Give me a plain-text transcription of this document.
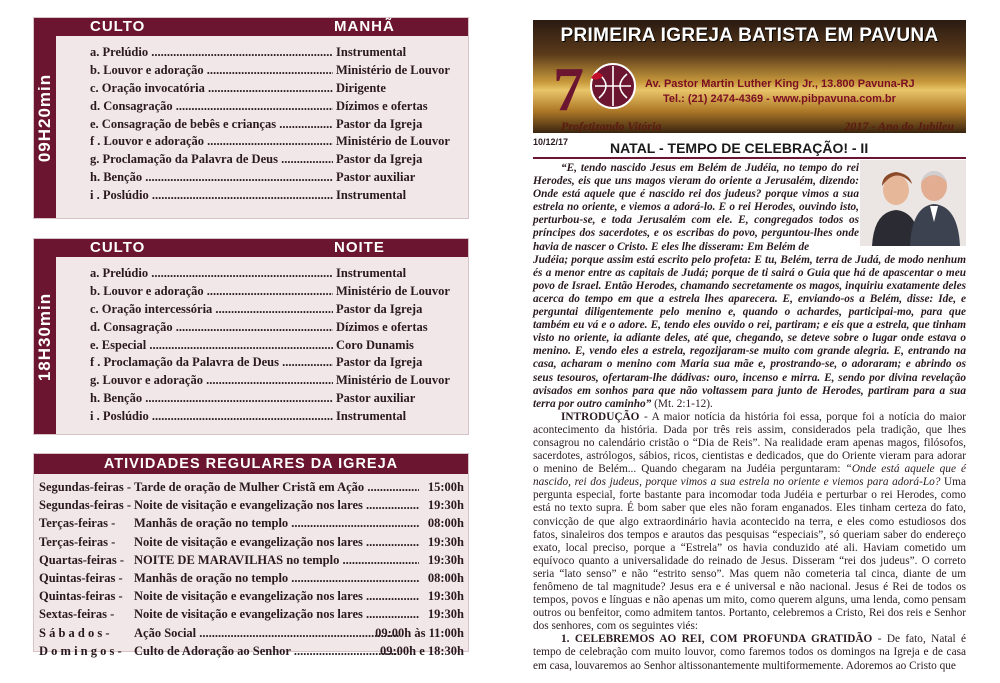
09H20min
CULTO	MANHÃ
a. Prelúdio .....	Instrumental
b. Louvor e adoração .....	Ministério de Louvor
c. Oração invocatória .....	Dirigente
d. Consagração .....	Dízimos e ofertas
e. Consagração de bebês e crianças .....	Pastor da Igreja
f . Louvor e adoração .....	Ministério de Louvor
g. Proclamação da Palavra de Deus .....	Pastor da Igreja
h. Benção .....	Pastor auxiliar
i . Poslúdio .....	Instrumental
18H30min
CULTO	NOITE
a. Prelúdio .....	Instrumental
b. Louvor e adoração .....	Ministério de Louvor
c. Oração intercessória .....	Pastor da Igreja
d. Consagração .....	Dízimos e ofertas
e. Especial .....	Coro Dunamis
f . Proclamação da Palavra de Deus .....	Pastor da Igreja
g. Louvor e adoração .....	Ministério de Louvor
h. Benção .....	Pastor auxiliar
i . Poslúdio .....	Instrumental
ATIVIDADES REGULARES DA IGREJA
Segundas-feiras - Tarde de oração de Mulher Cristã em Ação .....	15:00h
Segundas-feiras - Noite de visitação e evangelização nos lares .....	19:30h
Terças-feiras - Manhãs de oração no templo .....	08:00h
Terças-feiras - Noite de visitação e evangelização nos lares .....	19:30h
Quartas-feiras - NOITE DE MARAVILHAS no templo .....	19:30h
Quintas-feiras - Manhãs de oração no templo .....	08:00h
Quintas-feiras - Noite de visitação e evangelização nos lares .....	19:30h
Sextas-feiras - Noite de visitação e evangelização nos lares .....	19:30h
S á b a d o s - Ação Social .....	09:00h às 11:00h
D o m i n g o s - Culto de Adoração ao Senhor .....	09:00h e 18:30h
PRIMEIRA IGREJA BATISTA EM PAVUNA
7	Av. Pastor Martin Luther King Jr., 13.800 Pavuna-RJ
Tel.: (21) 2474-4369 - www.pibpavuna.com.br
Profetizando Vitória	2017 - Ano do Jubileu
10/12/17	NATAL - TEMPO DE CELEBRAÇÃO! - II

“E, tendo nascido Jesus em Belém de Judéia, no tempo do rei Herodes, eis que uns magos vieram do oriente a Jerusalém, dizendo: Onde está aquele que é nascido rei dos judeus? porque vimos a sua estrela no oriente, e viemos a adorá-lo. E o rei Herodes, ouvindo isto, perturbou-se, e toda Jerusalém com ele. E, congregados todos os príncipes dos sacerdotes, e os escribas do povo, perguntou-lhes onde havia de nascer o Cristo. E eles lhe disseram: Em Belém de

Judéia; porque assim está escrito pelo profeta: E tu, Belém, terra de Judá, de modo nenhum és a menor entre as capitais de Judá; porque de ti sairá o Guia que há de apascentar o meu povo de Israel. Então Herodes, chamando secretamente os magos, inquiriu exatamente deles acerca do tempo em que a estrela lhes aparecera. E, enviando-os a Belém, disse: Ide, e perguntai diligentemente pelo menino e, quando o achardes, participai-mo, para que também eu vá e o adore. E, tendo eles ouvido o rei, partiram; e eis que a estrela, que tinham visto no oriente, ia adiante deles, até que, chegando, se deteve sobre o lugar onde estava o menino. E, vendo eles a estrela, regozijaram-se muito com grande alegria. E, entrando na casa, acharam o menino com Maria sua mãe e, prostrando-se, o adoraram; e abrindo os seus tesouros, ofertaram-lhe dádivas: ouro, incenso e mirra. E, sendo por divina revelação avisados em sonhos para que não voltassem para junto de Herodes, partiram para a sua terra por outro caminho” (Mt. 2:1-12).

INTRODUÇÃO - A maior notícia da história foi essa, porque foi a notícia do maior acontecimento da história. Dada por três reis assim, considerados pela tradição, que lhes consagrou no calendário cristão o “Dia de Reis”. Na realidade eram apenas magos, filósofos, sacerdotes, astrólogos, sábios, ricos, cientistas e dedicados, que do Oriente vieram para adorar o menino de Belém... Quando chegaram na Judéia perguntaram: “Onde está aquele que é nascido, rei dos judeus, porque vimos a sua estrela no oriente e viemos para adorá-Lo? Uma pergunta especial, forte bastante para incomodar toda Judéia e perturbar o rei Herodes, como está no texto supra. É bom saber que eles não foram enganados. Eles tinham certeza do fato, convicção de que algo extraordinário havia acontecido na terra, e eles como estudiosos dos fatos, sinaleiros dos tempos e arautos das pesquisas “especiais”, só queriam saber do endereço exato, local preciso, porque a “Estrela” os havia conduzido até ali. Haviam cometido um equívoco quanto a universalidade do reinado de Jesus. Disseram “rei dos judeus”. O correto seria “lato senso” e não “estrito senso”. Mas quem não cometeria tal cinca, diante de um fenômeno de tal magnitude? Jesus era e é universal e não nacional. Jesus é Rei de todos os tempos, povos e línguas e não apenas um mito, como querem alguns, uma lenda, como pensam outros ou benfeitor, como admitem tantos. Portanto, celebremos a Cristo, Rei dos reis e Senhor dos senhores, com os seguintes viés:

1. CELEBREMOS AO REI, COM PROFUNDA GRATIDÃO - De fato, Natal é tempo de celebração com muito louvor, como faremos todos os domingos na Igreja e de casa em casa, louvaremos ao Senhor altissonantemente multiformemente. Adoremos ao Cristo que
